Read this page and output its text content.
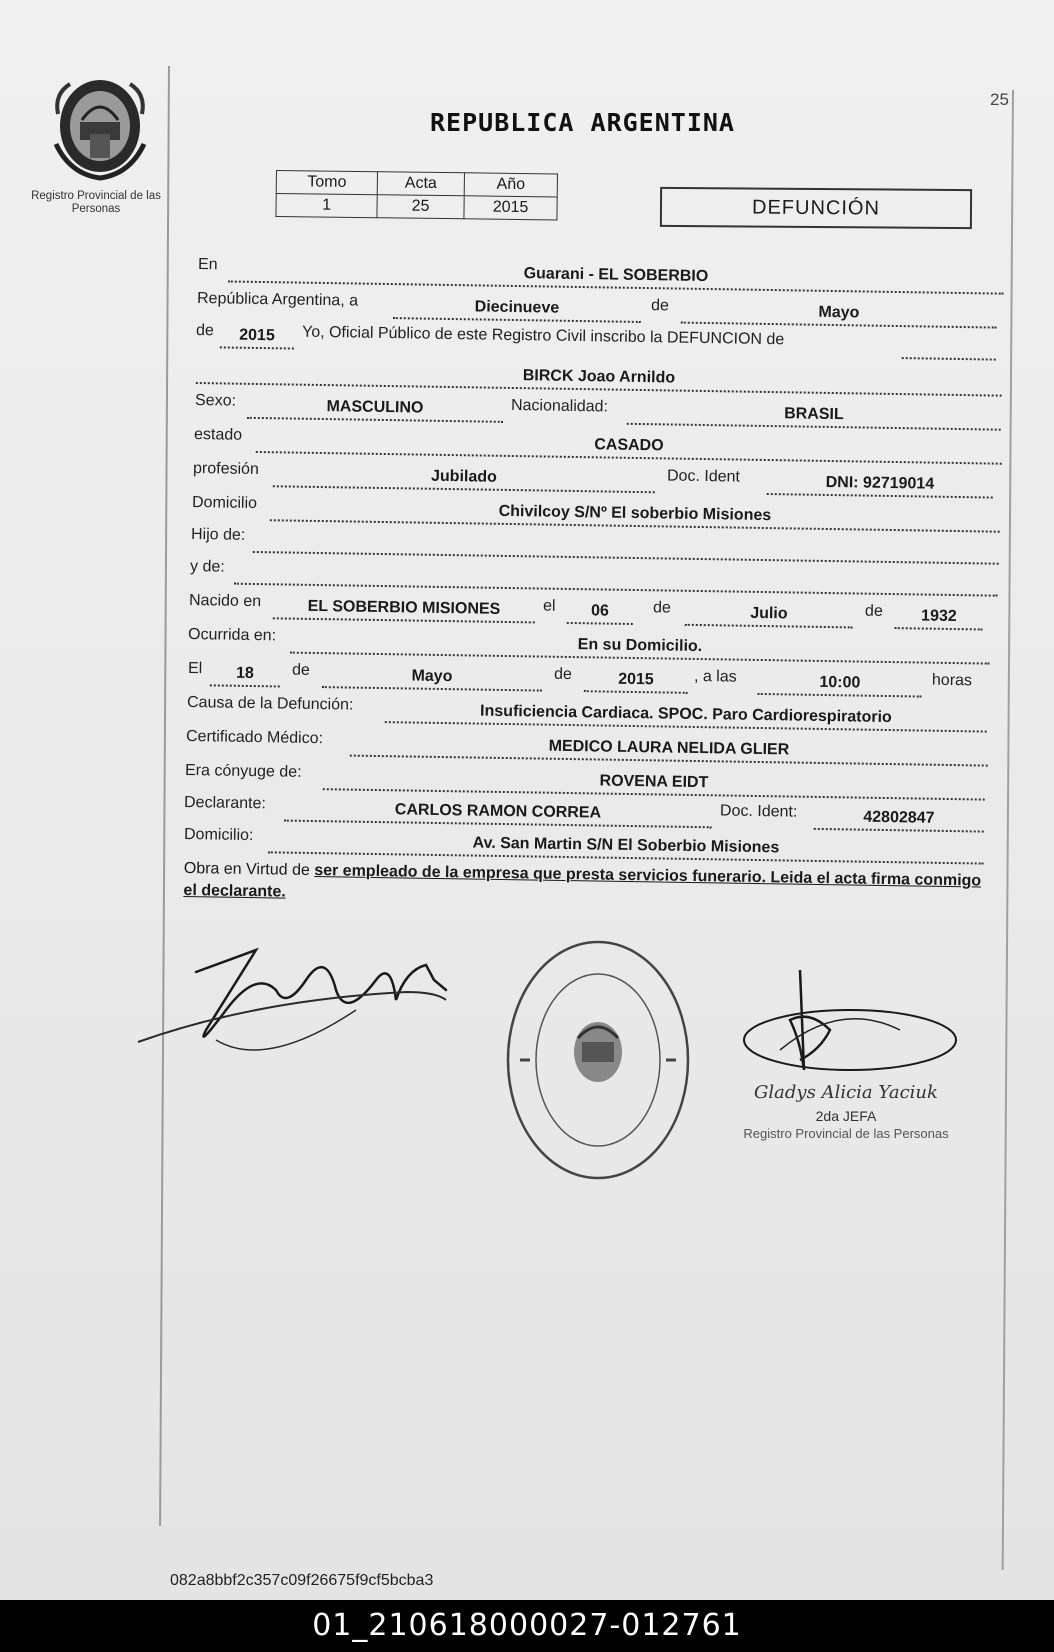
25
Registro Provincial de las Personas
REPUBLICA ARGENTINA
Tomo	Acta	Año
1	25	2015	DEFUNCIÓN
En
Guarani - EL SOBERBIO
República Argentina, a	Diecinueve	de	Mayo
de	2015	Yo, Oficial Público de este Registro Civil inscribo la DEFUNCION de
BIRCK Joao Arnildo
Sexo:	MASCULINO	Nacionalidad:	BRASIL
estado
CASADO
profesión	Jubilado	Doc. Ident	DNI: 92719014
Domicilio	Chivilcoy S/Nº El soberbio Misiones
Hijo de:
y de:
Nacido en	EL SOBERBIO MISIONES	el	06	de	Julio	de	1932
Ocurrida en:
En su Domicilio.
El	18	de	Mayo	de	2015	, a las	10:00	horas
Causa de la Defunción:	Insuficiencia Cardiaca. SPOC. Paro Cardiorespiratorio
Certificado Médico:
MEDICO LAURA NELIDA GLIER
Era cónyuge de:
ROVENA EIDT
Declarante:	CARLOS RAMON CORREA	Doc. Ident:	42802847
Domicilio:	Av. San Martin S/N El Soberbio Misiones
Obra en Virtud de ser empleado de la empresa que presta servicios funerario. Leida el acta firma conmigo el declarante.
Gladys Alicia Yaciuk
2da JEFA
Registro Provincial de las Personas
082a8bbf2c357c09f26675f9cf5bcba3
01_210618000027-012761
